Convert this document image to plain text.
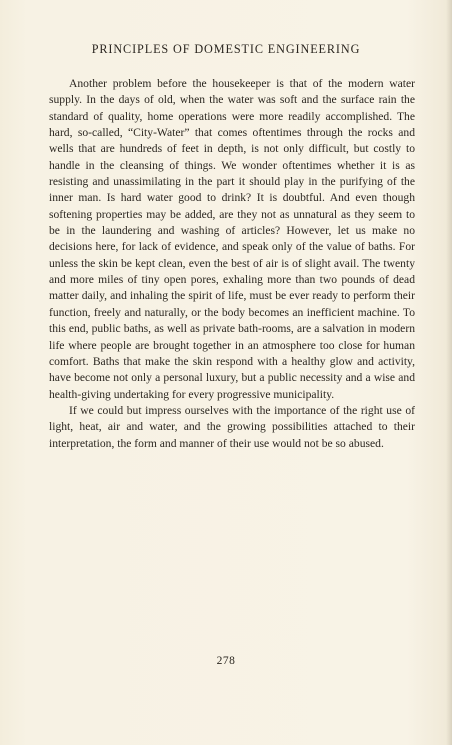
PRINCIPLES OF DOMESTIC ENGINEERING

Another problem before the housekeeper is that of the modern water supply. In the days of old, when the water was soft and the surface rain the standard of quality, home operations were more readily accomplished. The hard, so-called, “City-Water” that comes oftentimes through the rocks and wells that are hundreds of feet in depth, is not only difficult, but costly to handle in the cleansing of things. We wonder oftentimes whether it is as resisting and unassimilating in the part it should play in the purifying of the inner man. Is hard water good to drink? It is doubtful. And even though softening properties may be added, are they not as unnatural as they seem to be in the laundering and washing of articles? However, let us make no decisions here, for lack of evidence, and speak only of the value of baths. For unless the skin be kept clean, even the best of air is of slight avail. The twenty and more miles of tiny open pores, exhaling more than two pounds of dead matter daily, and inhaling the spirit of life, must be ever ready to perform their function, freely and naturally, or the body becomes an inefficient machine. To this end, public baths, as well as private bath-rooms, are a salvation in modern life where people are brought together in an atmosphere too close for human comfort. Baths that make the skin respond with a healthy glow and activity, have become not only a personal luxury, but a public necessity and a wise and health-giving undertaking for every progressive municipality.

If we could but impress ourselves with the importance of the right use of light, heat, air and water, and the growing possibilities attached to their interpretation, the form and manner of their use would not be so abused.

278
